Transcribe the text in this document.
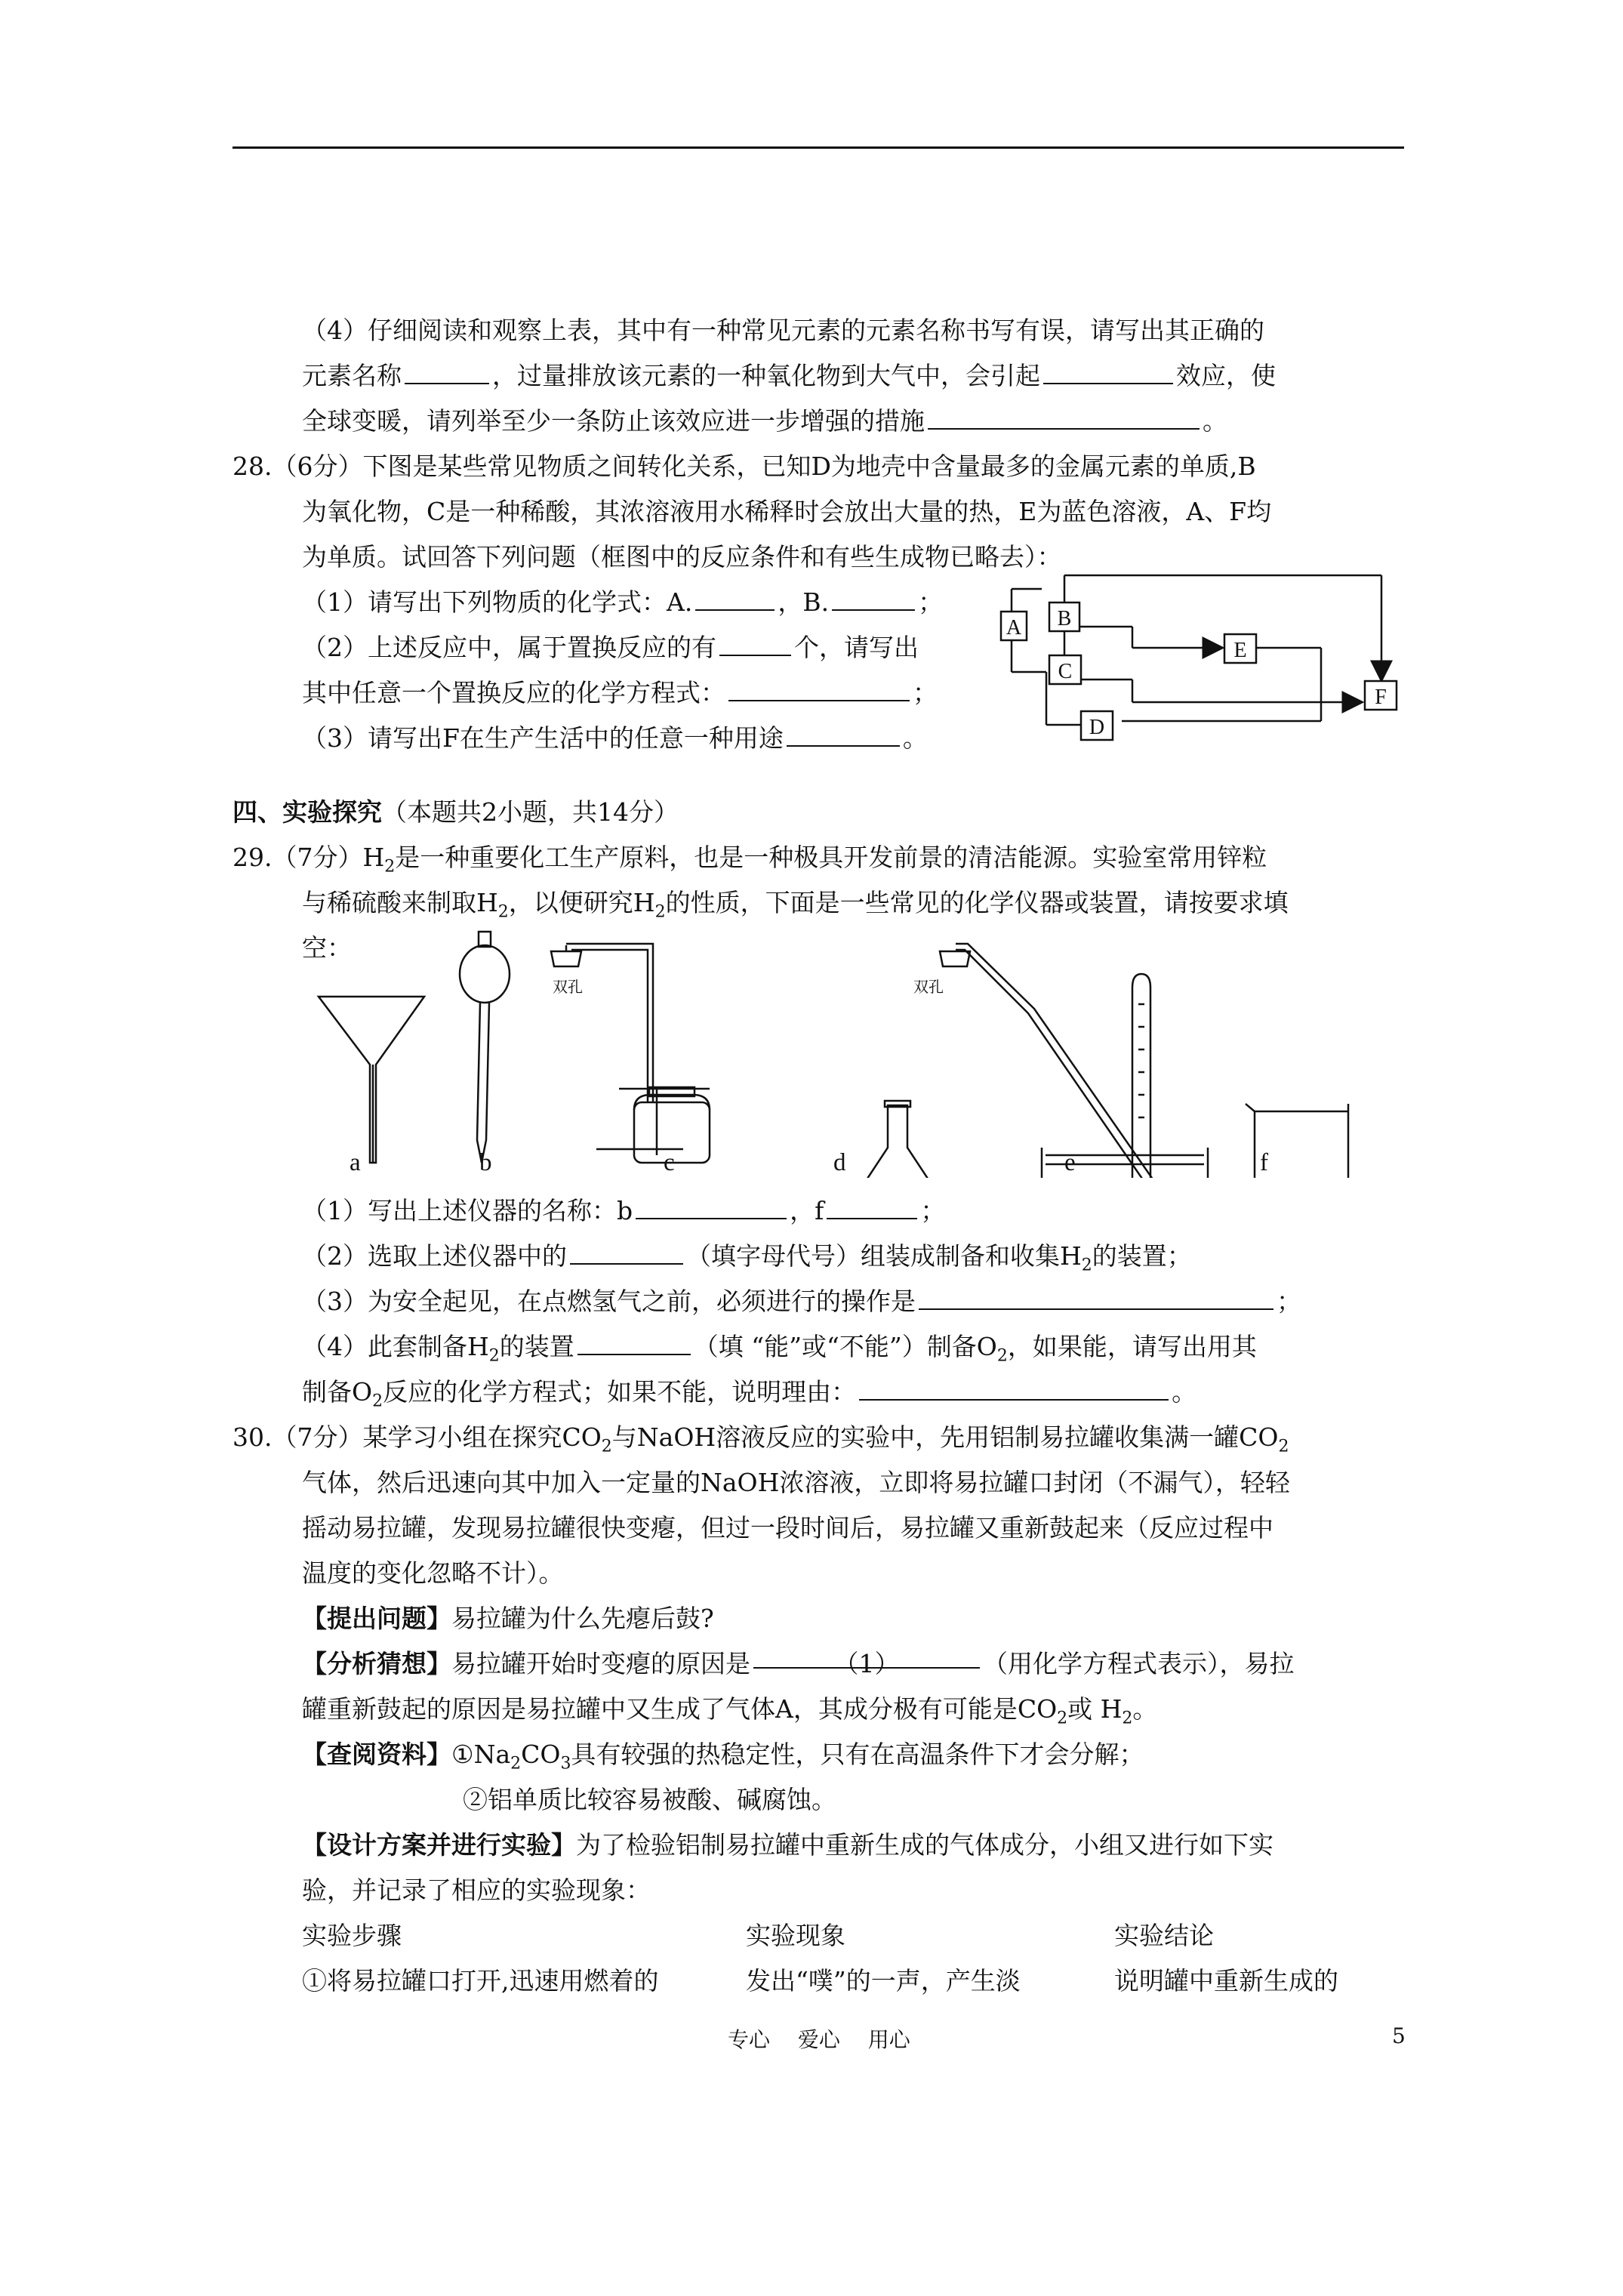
（4）仔细阅读和观察上表，其中有一种常见元素的元素名称书写有误，请写出其正确的
元素名称	，过量排放该元素的一种氧化物到大气中，会引起	效应，使
全球变暖，请列举至少一条防止该效应进一步增强的措施	。
28.（6分）下图是某些常见物质之间转化关系，已知D为地壳中含量最多的金属元素的单质,B
为氧化物，C是一种稀酸，其浓溶液用水稀释时会放出大量的热，E为蓝色溶液，A、F均
为单质。试回答下列问题（框图中的反应条件和有些生成物已略去）：
（1）请写出下列物质的化学式：A.	，B.	；
（2）上述反应中，属于置换反应的有	个，请写出
其中任意一个置换反应的化学方程式：	；
（3）请写出F在生产生活中的任意一种用途	。
A B
C
D
E
F
四、实验探究（本题共2小题，共14分）
29.（7分）$H_2$是一种重要化工生产原料，也是一种极具开发前景的清洁能源。实验室常用锌粒
与稀硫酸来制取$H_2$，以便研究$H_2$的性质，下面是一些常见的化学仪器或装置，请按要求填
空：
双孔	双孔
a	b	c	d	e	f
（1）写出上述仪器的名称：b	，f	；
（2）选取上述仪器中的	（填字母代号）组装成制备和收集$H_2$的装置；
（3）为安全起见，在点燃氢气之前，必须进行的操作是	；
（4）此套制备$H_2$的装置	（填 “能”或“不能”）制备$O_2$，如果能，请写出用其
制备$O_2$反应的化学方程式；如果不能，说明理由：	。
30.（7分）某学习小组在探究$CO_2$与NaOH溶液反应的实验中，先用铝制易拉罐收集满一罐$CO_2$
气体，然后迅速向其中加入一定量的NaOH浓溶液，立即将易拉罐口封闭（不漏气），轻轻
摇动易拉罐，发现易拉罐很快变瘪，但过一段时间后，易拉罐又重新鼓起来（反应过程中
温度的变化忽略不计）。
【提出问题】易拉罐为什么先瘪后鼓?
【分析猜想】易拉罐开始时变瘪的原因是	（1）	（用化学方程式表示），易拉
罐重新鼓起的原因是易拉罐中又生成了气体A，其成分极有可能是$CO_2$或 $H_2$。
【查阅资料】$①Na_2CO_3$具有较强的热稳定性，只有在高温条件下才会分解；
②铝单质比较容易被酸、碱腐蚀。
【设计方案并进行实验】为了检验铝制易拉罐中重新生成的气体成分，小组又进行如下实
验，并记录了相应的实验现象：
实验步骤	实验现象	实验结论
①将易拉罐口打开,迅速用燃着的	发出“噗”的一声，产生淡	说明罐中重新生成的
专心　 爱心　 用心	5
